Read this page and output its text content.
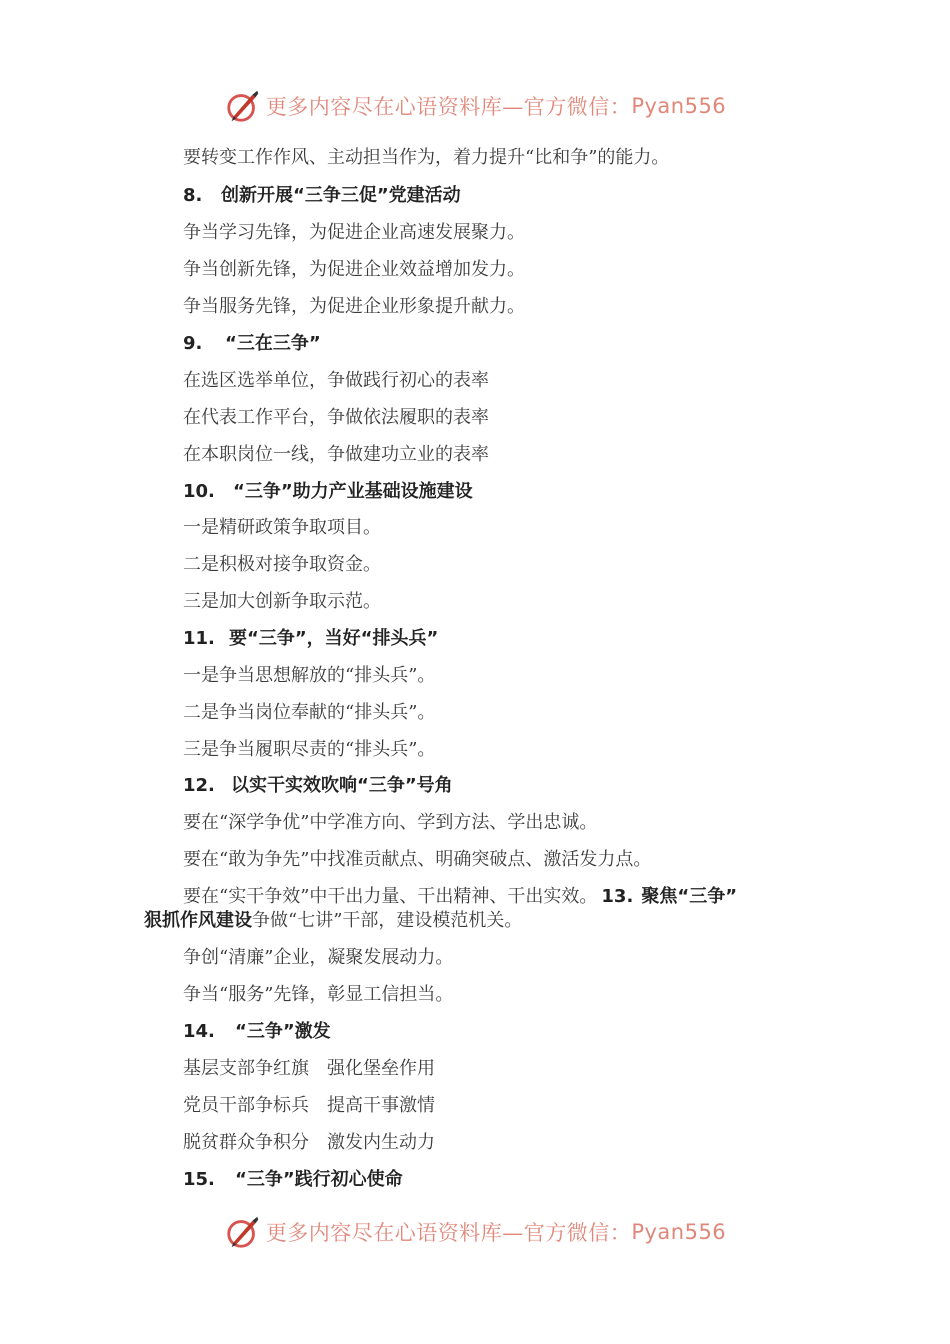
更多内容尽在心语资料库—官方微信： Pyan556
要转变工作作风、主动担当作为，着力提升“比和争”的能力。
8. 创新开展“三争三促”党建活动
争当学习先锋，为促进企业高速发展聚力。
争当创新先锋，为促进企业效益增加发力。
争当服务先锋，为促进企业形象提升献力。
9. “三在三争”
在选区选举单位，争做践行初心的表率
在代表工作平台，争做依法履职的表率
在本职岗位一线，争做建功立业的表率
10. “三争”助力产业基础设施建设
一是精研政策争取项目。
二是积极对接争取资金。
三是加大创新争取示范。
11. 要“三争”，当好“排头兵”
一是争当思想解放的“排头兵”。
二是争当岗位奉献的“排头兵”。
三是争当履职尽责的“排头兵”。
12. 以实干实效吹响“三争”号角
要在“深学争优”中学准方向、学到方法、学出忠诚。
要在“敢为争先”中找准贡献点、明确突破点、激活发力点。
要在“实干争效”中干出力量、干出精神、干出实效。 13. 聚焦“三争”
狠抓作风建设争做“七讲”干部，建设模范机关。
争创“清廉”企业，凝聚发展动力。
争当“服务”先锋，彰显工信担当。
14. “三争”激发
基层支部争红旗　强化堡垒作用
党员干部争标兵　提高干事激情
脱贫群众争积分　激发内生动力
15. “三争”践行初心使命
更多内容尽在心语资料库—官方微信： Pyan556
